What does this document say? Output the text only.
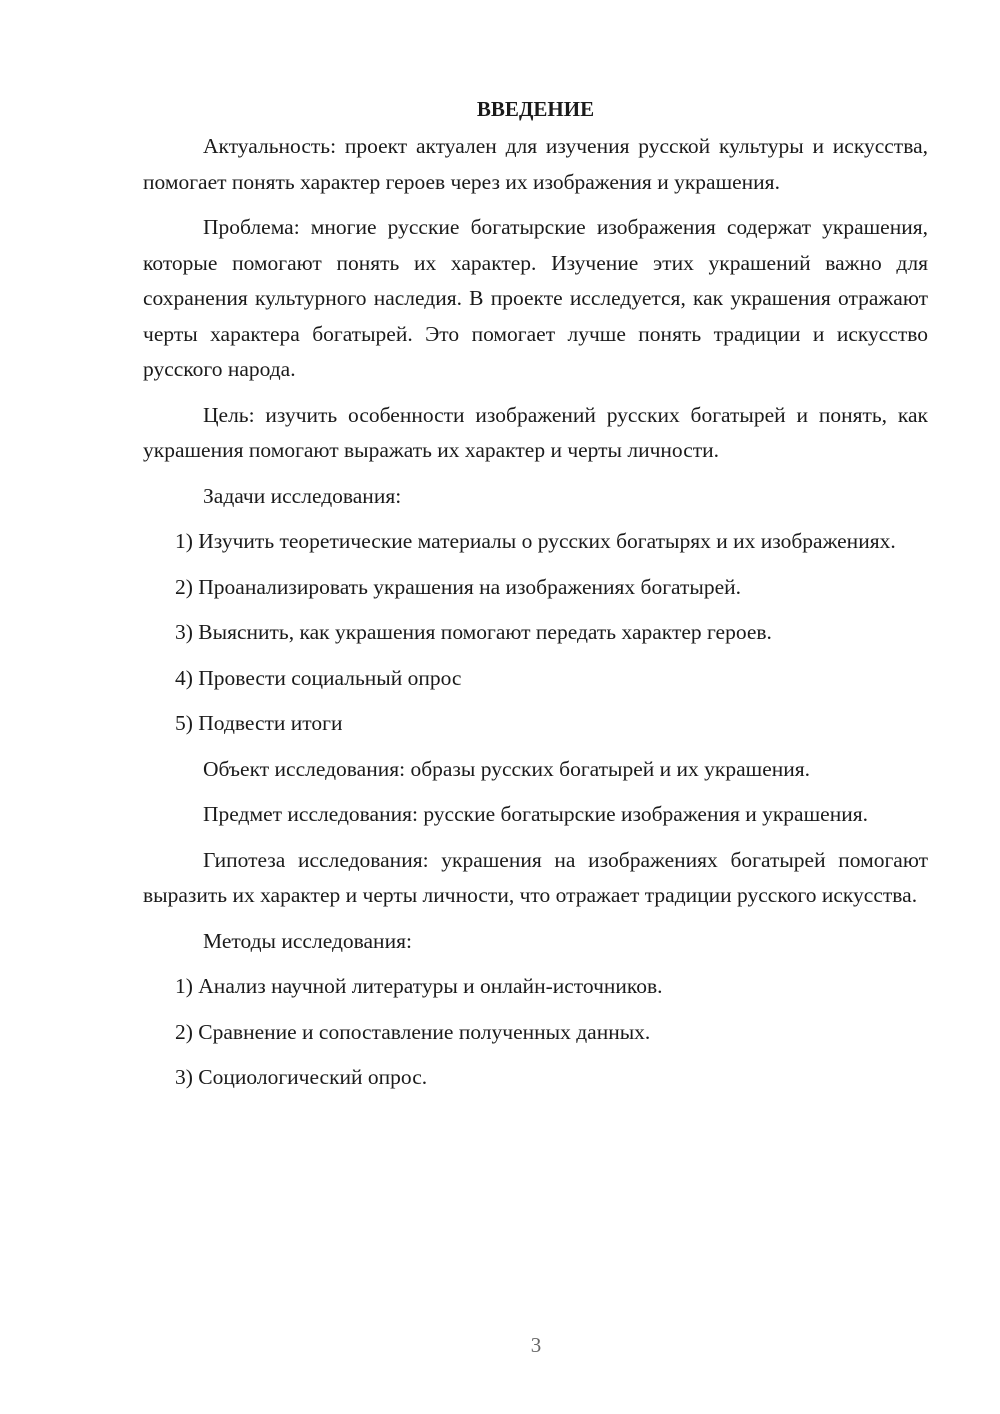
ВВЕДЕНИЕ

Актуальность: проект актуален для изучения русской культуры и искусства, помогает понять характер героев через их изображения и украшения.

Проблема: многие русские богатырские изображения содержат украшения, которые помогают понять их характер. Изучение этих украшений важно для сохранения культурного наследия. В проекте исследуется, как украшения отражают черты характера богатырей. Это помогает лучше понять традиции и искусство русского народа.

Цель: изучить особенности изображений русских богатырей и понять, как украшения помогают выражать их характер и черты личности.

Задачи исследования:

1) Изучить теоретические материалы о русских богатырях и их изображениях.

2) Проанализировать украшения на изображениях богатырей.

3) Выяснить, как украшения помогают передать характер героев.

4) Провести социальный опрос

5) Подвести итоги

Объект исследования: образы русских богатырей и их украшения.

Предмет исследования: русские богатырские изображения и украшения.

Гипотеза исследования: украшения на изображениях богатырей помогают выразить их характер и черты личности, что отражает традиции русского искусства.

Методы исследования:

1) Анализ научной литературы и онлайн-источников.

2) Сравнение и сопоставление полученных данных.

3) Социологический опрос.

3
